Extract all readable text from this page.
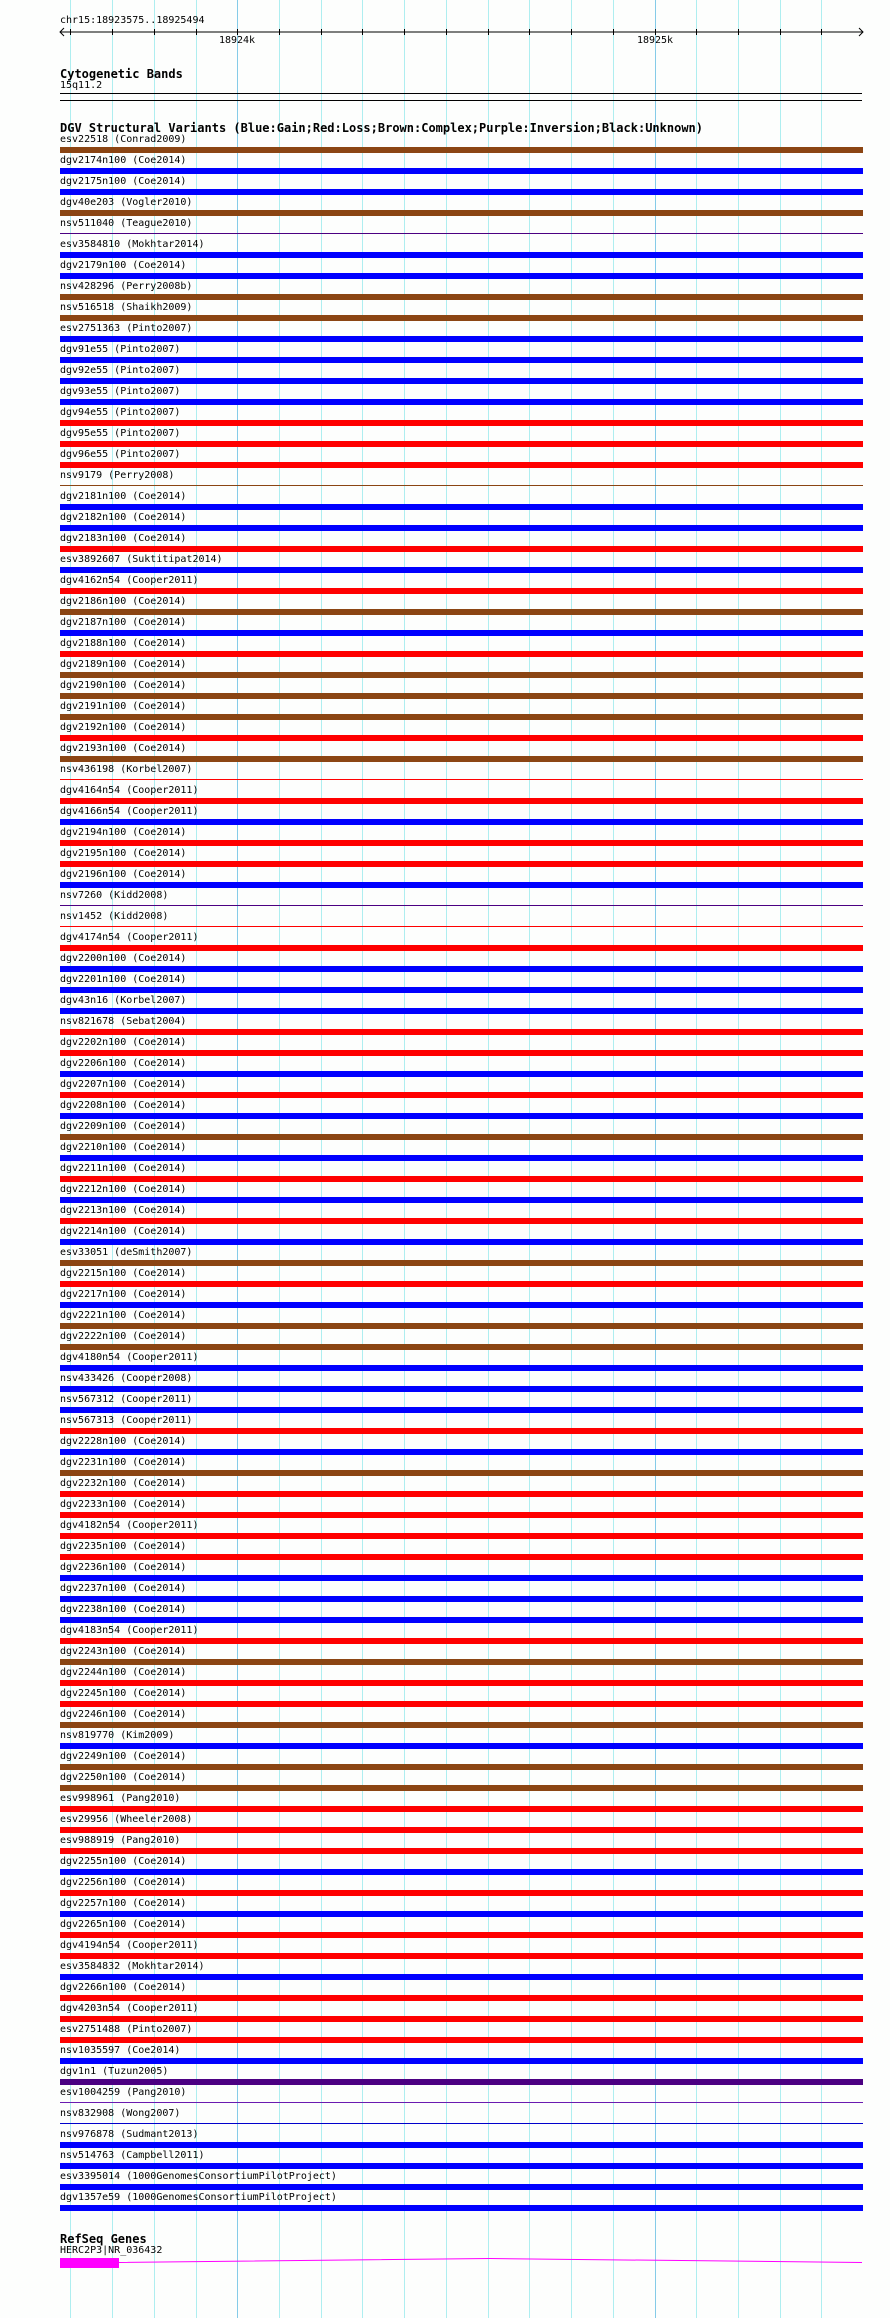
chr15:18923575..18925494
18924k	18925k
Cytogenetic Bands
15q11.2
DGV Structural Variants (Blue:Gain;Red:Loss;Brown:Complex;Purple:Inversion;Black:Unknown)
esv22518 (Conrad2009)
dgv2174n100 (Coe2014)
dgv2175n100 (Coe2014)
dgv40e203 (Vogler2010)
nsv511040 (Teague2010)
esv3584810 (Mokhtar2014)
dgv2179n100 (Coe2014)
nsv428296 (Perry2008b)
nsv516518 (Shaikh2009)
esv2751363 (Pinto2007)
dgv91e55 (Pinto2007)
dgv92e55 (Pinto2007)
dgv93e55 (Pinto2007)
dgv94e55 (Pinto2007)
dgv95e55 (Pinto2007)
dgv96e55 (Pinto2007)
nsv9179 (Perry2008)
dgv2181n100 (Coe2014)
dgv2182n100 (Coe2014)
dgv2183n100 (Coe2014)
esv3892607 (Suktitipat2014)
dgv4162n54 (Cooper2011)
dgv2186n100 (Coe2014)
dgv2187n100 (Coe2014)
dgv2188n100 (Coe2014)
dgv2189n100 (Coe2014)
dgv2190n100 (Coe2014)
dgv2191n100 (Coe2014)
dgv2192n100 (Coe2014)
dgv2193n100 (Coe2014)
nsv436198 (Korbel2007)
dgv4164n54 (Cooper2011)
dgv4166n54 (Cooper2011)
dgv2194n100 (Coe2014)
dgv2195n100 (Coe2014)
dgv2196n100 (Coe2014)
nsv7260 (Kidd2008)
nsv1452 (Kidd2008)
dgv4174n54 (Cooper2011)
dgv2200n100 (Coe2014)
dgv2201n100 (Coe2014)
dgv43n16 (Korbel2007)
nsv821678 (Sebat2004)
dgv2202n100 (Coe2014)
dgv2206n100 (Coe2014)
dgv2207n100 (Coe2014)
dgv2208n100 (Coe2014)
dgv2209n100 (Coe2014)
dgv2210n100 (Coe2014)
dgv2211n100 (Coe2014)
dgv2212n100 (Coe2014)
dgv2213n100 (Coe2014)
dgv2214n100 (Coe2014)
esv33051 (deSmith2007)
dgv2215n100 (Coe2014)
dgv2217n100 (Coe2014)
dgv2221n100 (Coe2014)
dgv2222n100 (Coe2014)
dgv4180n54 (Cooper2011)
nsv433426 (Cooper2008)
nsv567312 (Cooper2011)
nsv567313 (Cooper2011)
dgv2228n100 (Coe2014)
dgv2231n100 (Coe2014)
dgv2232n100 (Coe2014)
dgv2233n100 (Coe2014)
dgv4182n54 (Cooper2011)
dgv2235n100 (Coe2014)
dgv2236n100 (Coe2014)
dgv2237n100 (Coe2014)
dgv2238n100 (Coe2014)
dgv4183n54 (Cooper2011)
dgv2243n100 (Coe2014)
dgv2244n100 (Coe2014)
dgv2245n100 (Coe2014)
dgv2246n100 (Coe2014)
nsv819770 (Kim2009)
dgv2249n100 (Coe2014)
dgv2250n100 (Coe2014)
esv998961 (Pang2010)
esv29956 (Wheeler2008)
esv988919 (Pang2010)
dgv2255n100 (Coe2014)
dgv2256n100 (Coe2014)
dgv2257n100 (Coe2014)
dgv2265n100 (Coe2014)
dgv4194n54 (Cooper2011)
esv3584832 (Mokhtar2014)
dgv2266n100 (Coe2014)
dgv4203n54 (Cooper2011)
esv2751488 (Pinto2007)
nsv1035597 (Coe2014)
dgv1n1 (Tuzun2005)
esv1004259 (Pang2010)
nsv832908 (Wong2007)
nsv976878 (Sudmant2013)
nsv514763 (Campbell2011)
esv3395014 (1000GenomesConsortiumPilotProject)
dgv1357e59 (1000GenomesConsortiumPilotProject)
RefSeq Genes
HERC2P3|NR_036432
